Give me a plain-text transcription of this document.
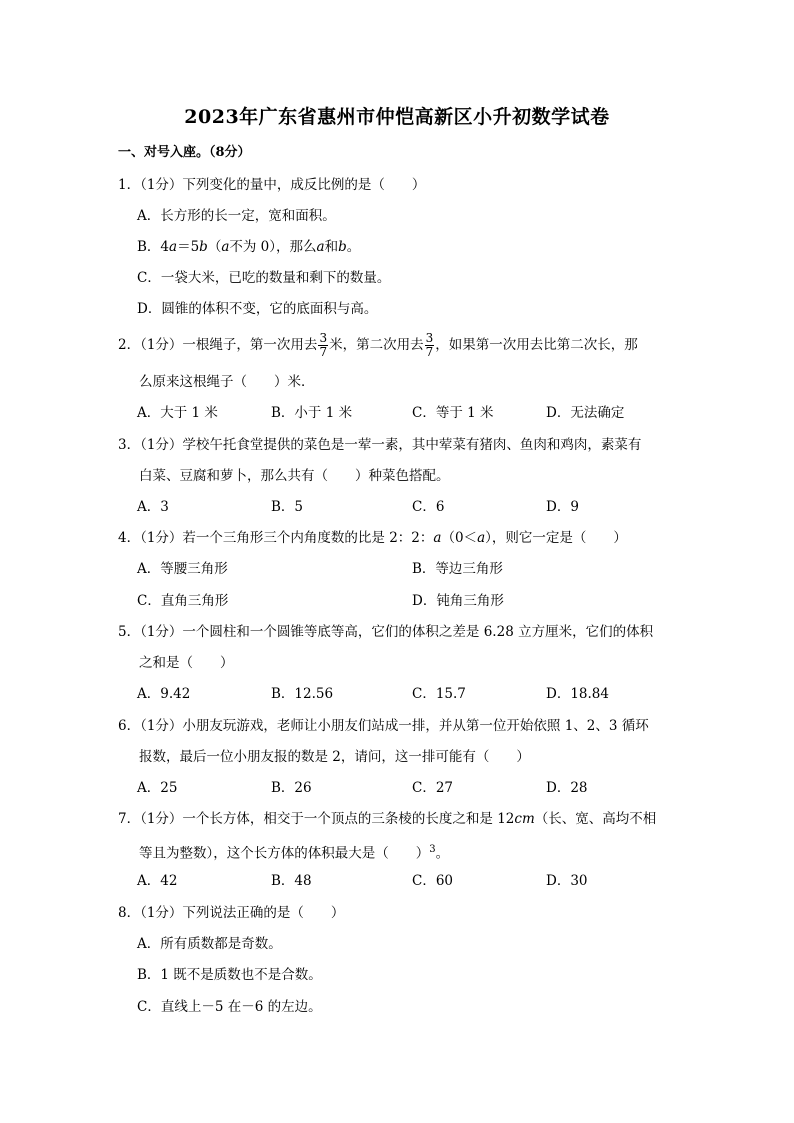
2023年广东省惠州市仲恺高新区小升初数学试卷
一、对号入座。（8分）
1．（1分）下列变化的量中，成反比例的是（　　）
A．长方形的长一定，宽和面积。
B．4a＝5b（a不为 0），那么a和b。
C．一袋大米，已吃的数量和剩下的数量。
D．圆锥的体积不变，它的底面积与高。
2．（1分）一根绳子，第一次用去 $\frac{3}{7}$ 米，第二次用去 $\frac{3}{7}$ ，如果第一次用去比第二次长，那
么原来这根绳子（　　）米．
A．大于 1 米	B．小于 1 米	C．等于 1 米	D．无法确定
3．（1分）学校午托食堂提供的菜色是一荤一素，其中荤菜有猪肉、鱼肉和鸡肉，素菜有
白菜、豆腐和萝卜，那么共有（　　）种菜色搭配。
A．3	B．5	C．6	D．9
4．（1分）若一个三角形三个内角度数的比是 2：2：a（0＜a），则它一定是（　　）
A．等腰三角形	B．等边三角形
C．直角三角形	D．钝角三角形
5．（1分）一个圆柱和一个圆锥等底等高，它们的体积之差是 6.28 立方厘米，它们的体积
之和是（　　）
A．9.42	B．12.56	C．15.7	D．18.84
6．（1分）小朋友玩游戏，老师让小朋友们站成一排，并从第一位开始依照 1、2、3 循环
报数，最后一位小朋友报的数是 2，请问，这一排可能有（　　）
A．25	B．26	C．27	D．28
7．（1分）一个长方体，相交于一个顶点的三条棱的长度之和是 12cm（长、宽、高均不相
等且为整数），这个长方体的体积最大是（　　）$^3$。
A．42	B．48	C．60	D．30
8．（1分）下列说法正确的是（　　）
A．所有质数都是奇数。
B．1 既不是质数也不是合数。
C．直线上－5 在－6 的左边。
